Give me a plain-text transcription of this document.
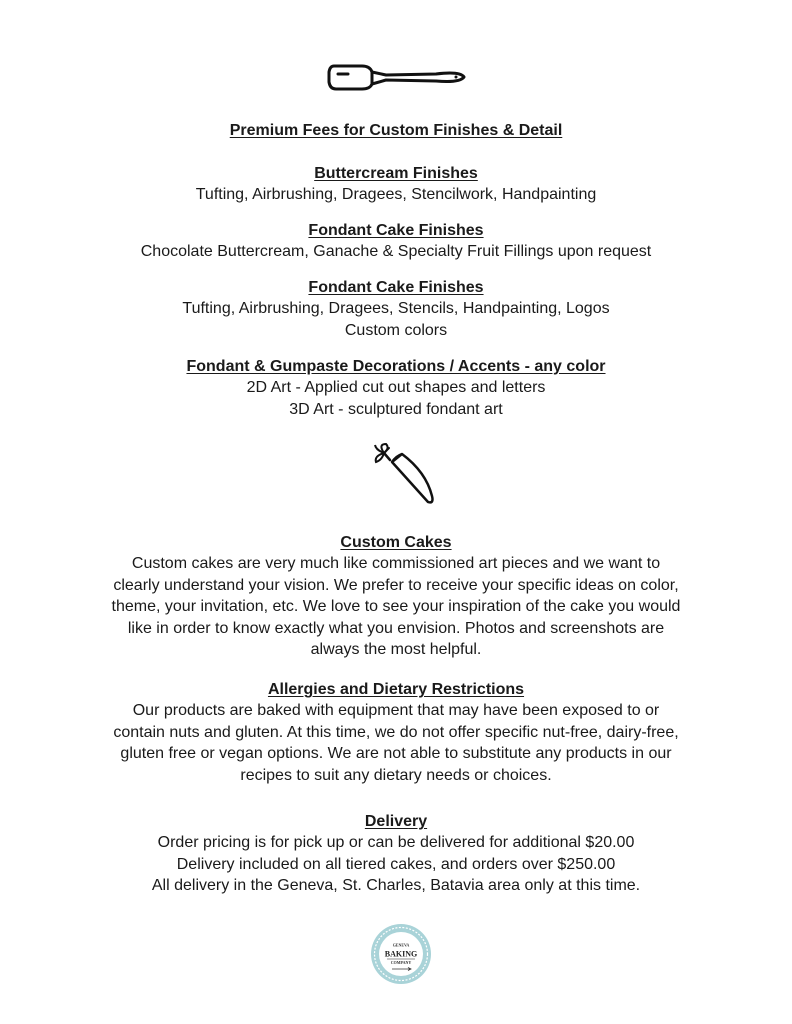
Premium Fees for Custom Finishes & Detail
Buttercream Finishes
Tufting, Airbrushing, Dragees, Stencilwork, Handpainting
Fondant Cake Finishes
Chocolate Buttercream, Ganache & Specialty Fruit Fillings upon request
Fondant Cake Finishes
Tufting, Airbrushing, Dragees, Stencils, Handpainting, Logos
Custom colors
Fondant & Gumpaste Decorations / Accents - any color
2D Art - Applied cut out shapes and letters
3D Art - sculptured fondant art
Custom Cakes
Custom cakes are very much like commissioned art pieces and we want to
clearly understand your vision. We prefer to receive your specific ideas on color,
theme, your invitation, etc. We love to see your inspiration of the cake you would
like in order to know exactly what you envision. Photos and screenshots are
always the most helpful.
Allergies and Dietary Restrictions
Our products are baked with equipment that may have been exposed to or
contain nuts and gluten. At this time, we do not offer specific nut-free, dairy-free,
gluten free or vegan options. We are not able to substitute any products in our
recipes to suit any dietary needs or choices.
Delivery
Order pricing is for pick up or can be delivered for additional $20.00
Delivery included on all tiered cakes, and orders over $250.00
All delivery in the Geneva, St. Charles, Batavia area only at this time.
GENEVA
BAKING
COMPANY
